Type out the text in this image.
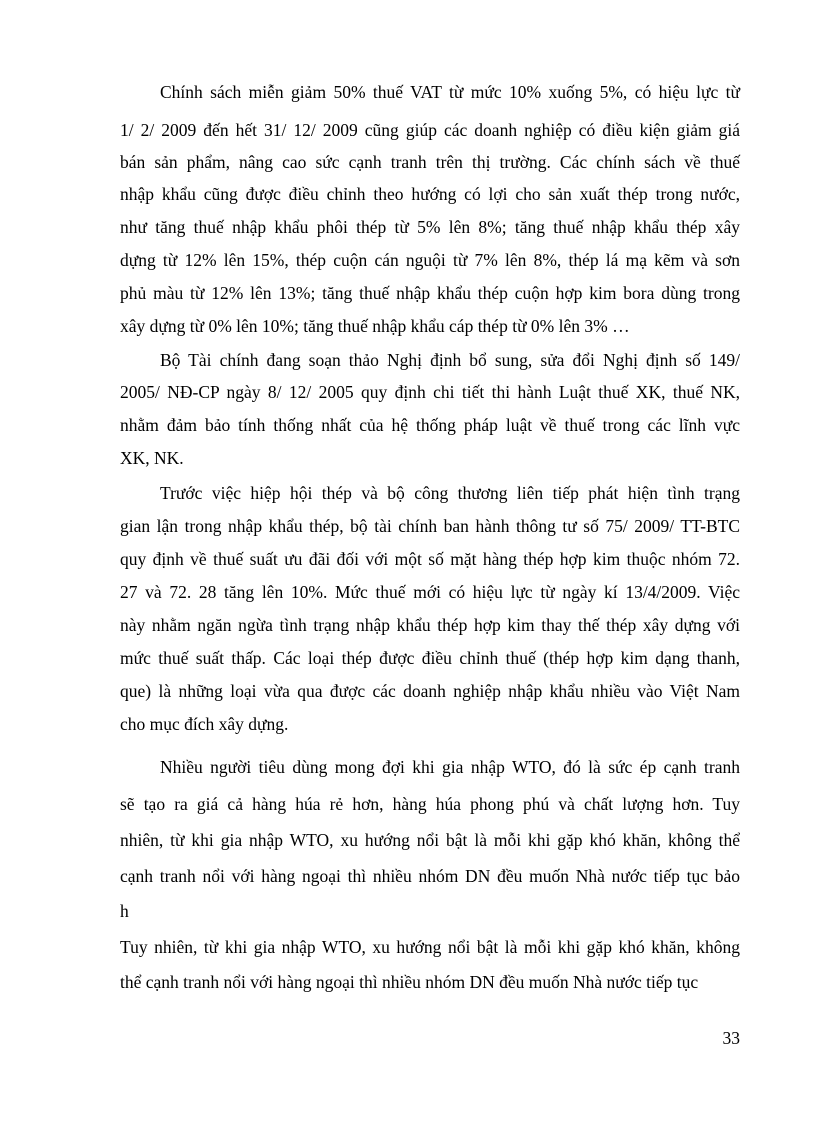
Chính sách miễn giảm 50% thuế VAT từ mức 10% xuống 5%, có hiệu lực từ
1/ 2/ 2009 đến hết 31/ 12/ 2009 cũng giúp các doanh nghiệp có điều kiện giảm giá
bán sản phẩm, nâng cao sức cạnh tranh trên thị trường. Các chính sách về thuế
nhập khẩu cũng được điều chỉnh theo hướng có lợi cho sản xuất thép trong nước,
như tăng thuế nhập khẩu phôi thép từ 5% lên 8%; tăng thuế nhập khẩu thép xây
dựng từ 12% lên 15%, thép cuộn cán nguội từ 7% lên 8%, thép lá mạ kẽm và sơn
phủ màu từ 12% lên 13%; tăng thuế nhập khẩu thép cuộn hợp kim bora dùng trong
xây dựng từ 0% lên 10%; tăng thuế nhập khẩu cáp thép từ 0% lên 3% …
Bộ Tài chính đang soạn thảo Nghị định bổ sung, sửa đổi Nghị định số 149/
2005/ NĐ-CP ngày 8/ 12/ 2005 quy định chi tiết thi hành Luật thuế XK, thuế NK,
nhằm đảm bảo tính thống nhất của hệ thống pháp luật về thuế trong các lĩnh vực
XK, NK.
Trước việc hiệp hội thép và bộ công thương liên tiếp phát hiện tình trạng
gian lận trong nhập khẩu thép, bộ tài chính ban hành thông tư số 75/ 2009/ TT-BTC
quy định về thuế suất ưu đãi đối với một số mặt hàng thép hợp kim thuộc nhóm 72.
27 và 72. 28 tăng lên 10%. Mức thuế mới có hiệu lực từ ngày kí 13/4/2009. Việc
này nhằm ngăn ngừa tình trạng nhập khẩu thép hợp kim thay thế thép xây dựng với
mức thuế suất thấp. Các loại thép được điều chỉnh thuế (thép hợp kim dạng thanh,
que) là những loại vừa qua được các doanh nghiệp nhập khẩu nhiều vào Việt Nam
cho mục đích xây dựng.
Nhiều người tiêu dùng mong đợi khi gia nhập WTO, đó là sức ép cạnh tranh
sẽ tạo ra giá cả hàng húa rẻ hơn, hàng húa phong phú và chất lượng hơn. Tuy
nhiên, từ khi gia nhập WTO, xu hướng nổi bật là mỗi khi gặp khó khăn, không thể
cạnh tranh nổi với hàng ngoại thì nhiều nhóm DN đều muốn Nhà nước tiếp tục bảo
h
Tuy nhiên, từ khi gia nhập WTO, xu hướng nổi bật là mỗi khi gặp khó khăn, không
thể cạnh tranh nổi với hàng ngoại thì nhiều nhóm DN đều muốn Nhà nước tiếp tục
33
